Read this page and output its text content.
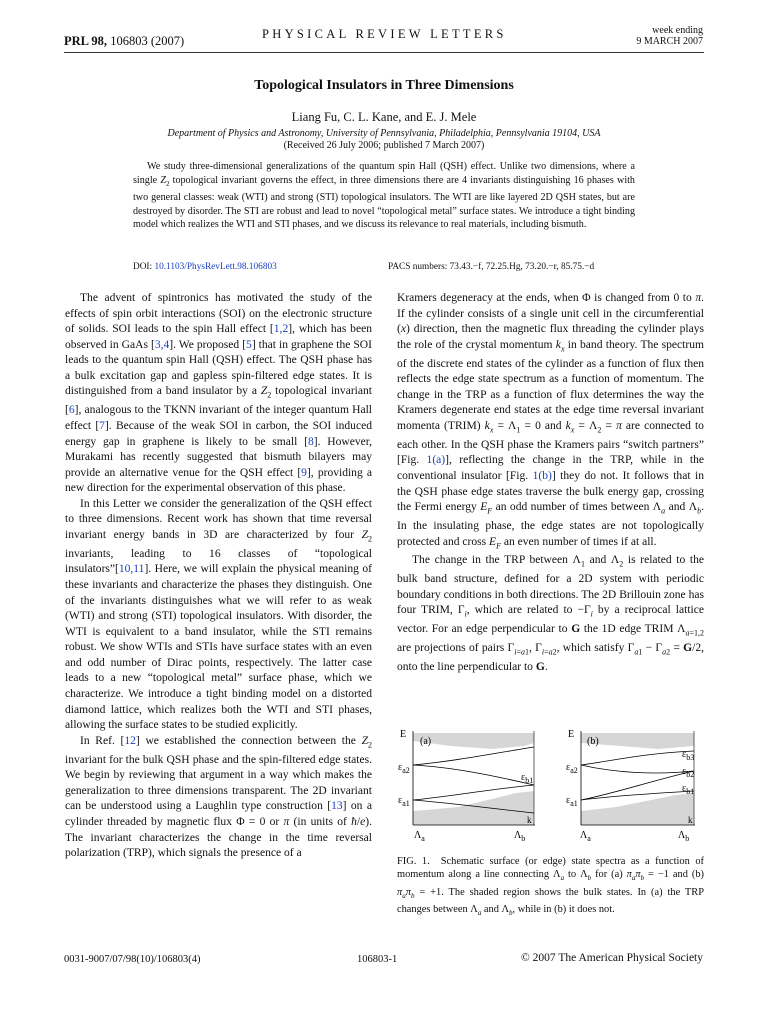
PRL 98, 106803 (2007)	PHYSICAL REVIEW LETTERS	week ending
9 MARCH 2007
Topological Insulators in Three Dimensions
Liang Fu, C. L. Kane, and E. J. Mele
Department of Physics and Astronomy, University of Pennsylvania, Philadelphia, Pennsylvania 19104, USA
(Received 26 July 2006; published 7 March 2007)
We study three-dimensional generalizations of the quantum spin Hall (QSH) effect. Unlike two dimensions, where a single $Z_2$ topological invariant governs the effect, in three dimensions there are 4 invariants distinguishing 16 phases with two general classes: weak (WTI) and strong (STI) topological insulators. The WTI are like layered 2D QSH states, but are destroyed by disorder. The STI are robust and lead to novel “topological metal” surface states. We introduce a tight binding model which realizes the WTI and STI phases, and we discuss its relevance to real materials, including bismuth.
DOI: 10.1103/PhysRevLett.98.106803	PACS numbers: 73.43.−f, 72.25.Hg, 73.20.−r, 85.75.−d

The advent of spintronics has motivated the study of the effects of spin orbit interactions (SOI) on the electronic structure of solids. SOI leads to the spin Hall effect [1,2], which has been observed in GaAs [3,4]. We proposed [5] that in graphene the SOI leads to the quantum spin Hall (QSH) effect. The QSH phase has a bulk excitation gap and gapless spin-filtered edge states. It is distinguished from a band insulator by a $Z_2$ topological invariant [6], analogous to the TKNN invariant of the integer quantum Hall effect [7]. Because of the weak SOI in carbon, the SOI induced energy gap in graphene is likely to be small [8]. However, Murakami has recently suggested that bismuth bilayers may provide an alternative venue for the QSH effect [9], providing a new direction for the experimental observation of this phase.

In this Letter we consider the generalization of the QSH effect to three dimensions. Recent work has shown that time reversal invariant energy bands in 3D are characterized by four $Z_2$ invariants, leading to 16 classes of “topological insulators”[10,11]. Here, we will explain the physical meaning of these invariants and characterize the phases they distinguish. One of the invariants distinguishes what we will refer to as weak (WTI) and strong (STI) topological insulators. With disorder, the WTI is equivalent to a band insulator, while the STI remains robust. We show WTIs and STIs have surface states with an even and odd number of Dirac points, respectively. The latter case leads to a new “topological metal” surface phase, which we characterize. We introduce a tight binding model on a distorted diamond lattice, which realizes both the WTI and STI phases, allowing the surface states to be studied explicitly.

In Ref. [12] we established the connection between the $Z_2$ invariant for the bulk QSH phase and the spin-filtered edge states. We begin by reviewing that argument in a way which makes the generalization to three dimensions transparent. The 2D invariant can be understood using a Laughlin type construction [13] on a cylinder threaded by magnetic flux Φ = 0 or π (in units of ħ/e). The invariant characterizes the change in the time reversal polarization (TRP), which signals the presence of a

Kramers degeneracy at the ends, when Φ is changed from 0 to π. If the cylinder consists of a single unit cell in the circumferential (x) direction, then the magnetic flux threading the cylinder plays the role of the crystal momentum $k_x$ in band theory. The spectrum of the discrete end states of the cylinder as a function of flux then reflects the edge state spectrum as a function of momentum. The change in the TRP as a function of flux determines the way the Kramers degenerate end states at the edge time reversal invariant momenta (TRIM) $k_x = \Lambda_1 = 0$ and $k_x = \Lambda_2 = \pi$ are connected to each other. In the QSH phase the Kramers pairs “switch partners” [Fig. 1(a)], reflecting the change in the TRP, while in the conventional insulator [Fig. 1(b)] they do not. It follows that in the QSH phase edge states traverse the bulk energy gap, crossing the Fermi energy $E_F$ an odd number of times between $\Lambda_a$ and $\Lambda_b$. In the insulating phase, the edge states are not topologically protected and cross $E_F$ an even number of times if at all.

The change in the TRP between $\Lambda_1$ and $\Lambda_2$ is related to the bulk band structure, defined for a 2D system with periodic boundary conditions in both directions. The 2D Brillouin zone has four TRIM, $\Gamma_i$, which are related to $-\Gamma_i$ by a reciprocal lattice vector. For an edge perpendicular to G the 1D edge TRIM $\Lambda_{a=1,2}$ are projections of pairs $\Gamma_{i=a1}$, $\Gamma_{i=a2}$, which satisfy $\Gamma_{a1} - \Gamma_{a2} = G/2$, onto the line perpendicular to G.

E
(a)
$\varepsilon_{a2}$
$\varepsilon_{a1}$
$\varepsilon_{b1}$
k
$\Lambda_a$	$\Lambda_b$
E
(b)
$\varepsilon_{a2}$
$\varepsilon_{a1}$
$\varepsilon_{b3}$
$\varepsilon_{b2}$
$\varepsilon_{b1}$
k
$\Lambda_a$	$\Lambda_b$
FIG. 1.  Schematic surface (or edge) state spectra as a function of momentum along a line connecting $\Lambda_a$ to $\Lambda_b$ for (a) $\pi_a\pi_b = -1$ and (b) $\pi_a\pi_b = +1$. The shaded region shows the bulk states. In (a) the TRP changes between $\Lambda_a$ and $\Lambda_b$, while in (b) it does not.
0031-9007/07/98(10)/106803(4)	106803-1	© 2007 The American Physical Society
